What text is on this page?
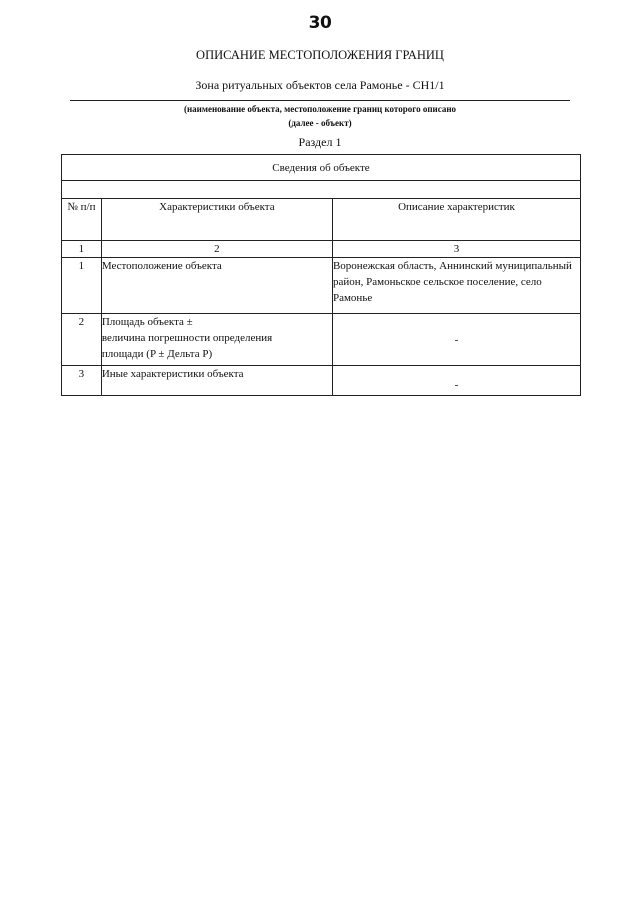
30
ОПИСАНИЕ МЕСТОПОЛОЖЕНИЯ ГРАНИЦ
Зона ритуальных объектов села Рамонье - СН1/1
(наименование объекта, местоположение границ которого описано
(далее - объект)
Раздел 1
Сведения об объекте		

№ п/п	Характеристики объекта	Описание характеристик
1	2	3
1	Местоположение объекта	Воронежская область, Аннинский муниципальный район, Рамоньское сельское поселение, село Рамонье
2	Площадь объекта ±
величина погрешности определения
площади (P ± Дельта P)	-
3	Иные характеристики объекта	-
